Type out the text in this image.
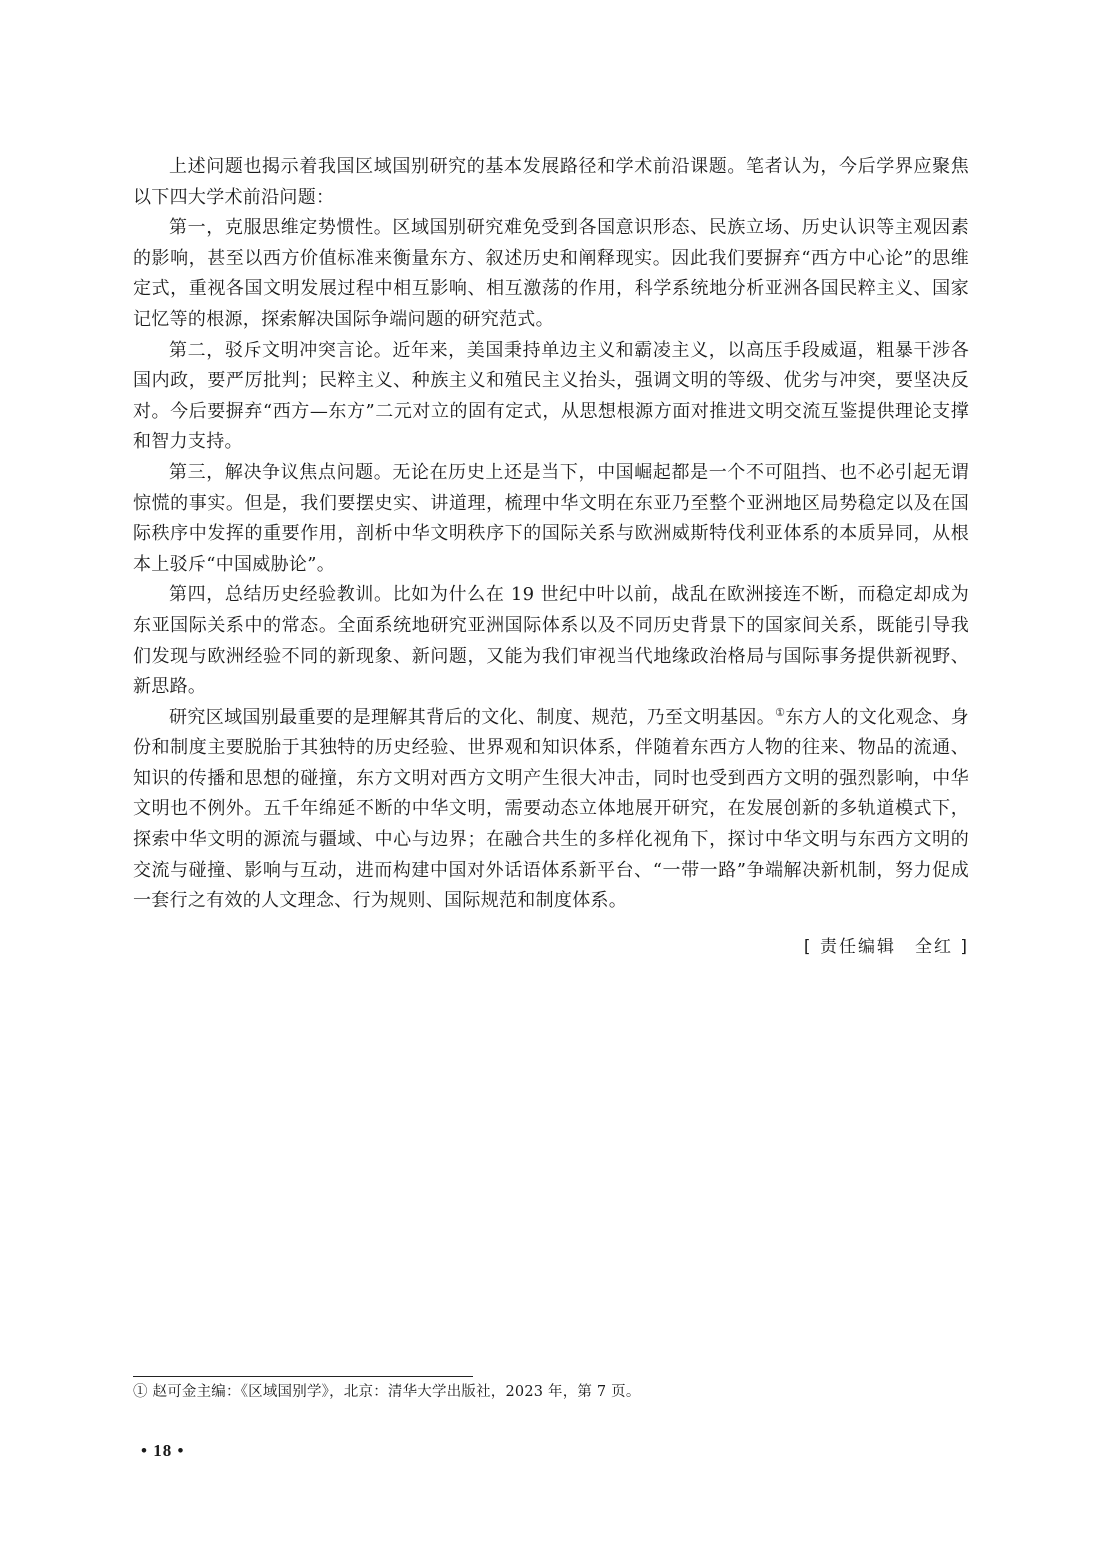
上述问题也揭示着我国区域国别研究的基本发展路径和学术前沿课题。笔者认为，今后学界应聚焦以下四大学术前沿问题：

第一，克服思维定势惯性。区域国别研究难免受到各国意识形态、民族立场、历史认识等主观因素的影响，甚至以西方价值标准来衡量东方、叙述历史和阐释现实。因此我们要摒弃“西方中心论”的思维定式，重视各国文明发展过程中相互影响、相互激荡的作用，科学系统地分析亚洲各国民粹主义、国家记忆等的根源，探索解决国际争端问题的研究范式。

第二，驳斥文明冲突言论。近年来，美国秉持单边主义和霸凌主义，以高压手段威逼，粗暴干涉各国内政，要严厉批判；民粹主义、种族主义和殖民主义抬头，强调文明的等级、优劣与冲突，要坚决反对。今后要摒弃“西方—东方”二元对立的固有定式，从思想根源方面对推进文明交流互鉴提供理论支撑和智力支持。

第三，解决争议焦点问题。无论在历史上还是当下，中国崛起都是一个不可阻挡、也不必引起无谓惊慌的事实。但是，我们要摆史实、讲道理，梳理中华文明在东亚乃至整个亚洲地区局势稳定以及在国际秩序中发挥的重要作用，剖析中华文明秩序下的国际关系与欧洲威斯特伐利亚体系的本质异同，从根本上驳斥“中国威胁论”。

第四，总结历史经验教训。比如为什么在 19 世纪中叶以前，战乱在欧洲接连不断，而稳定却成为东亚国际关系中的常态。全面系统地研究亚洲国际体系以及不同历史背景下的国家间关系，既能引导我们发现与欧洲经验不同的新现象、新问题，又能为我们审视当代地缘政治格局与国际事务提供新视野、新思路。

研究区域国别最重要的是理解其背后的文化、制度、规范，乃至文明基因。①东方人的文化观念、身份和制度主要脱胎于其独特的历史经验、世界观和知识体系，伴随着东西方人物的往来、物品的流通、知识的传播和思想的碰撞，东方文明对西方文明产生很大冲击，同时也受到西方文明的强烈影响，中华文明也不例外。五千年绵延不断的中华文明，需要动态立体地展开研究，在发展创新的多轨道模式下，探索中华文明的源流与疆域、中心与边界；在融合共生的多样化视角下，探讨中华文明与东西方文明的交流与碰撞、影响与互动，进而构建中国对外话语体系新平台、“一带一路”争端解决新机制，努力促成一套行之有效的人文理念、行为规则、国际规范和制度体系。

[ 责任编辑　全红 ]
① 赵可金主编：《区域国别学》，北京：清华大学出版社，2023 年，第 7 页。
• 18 •
